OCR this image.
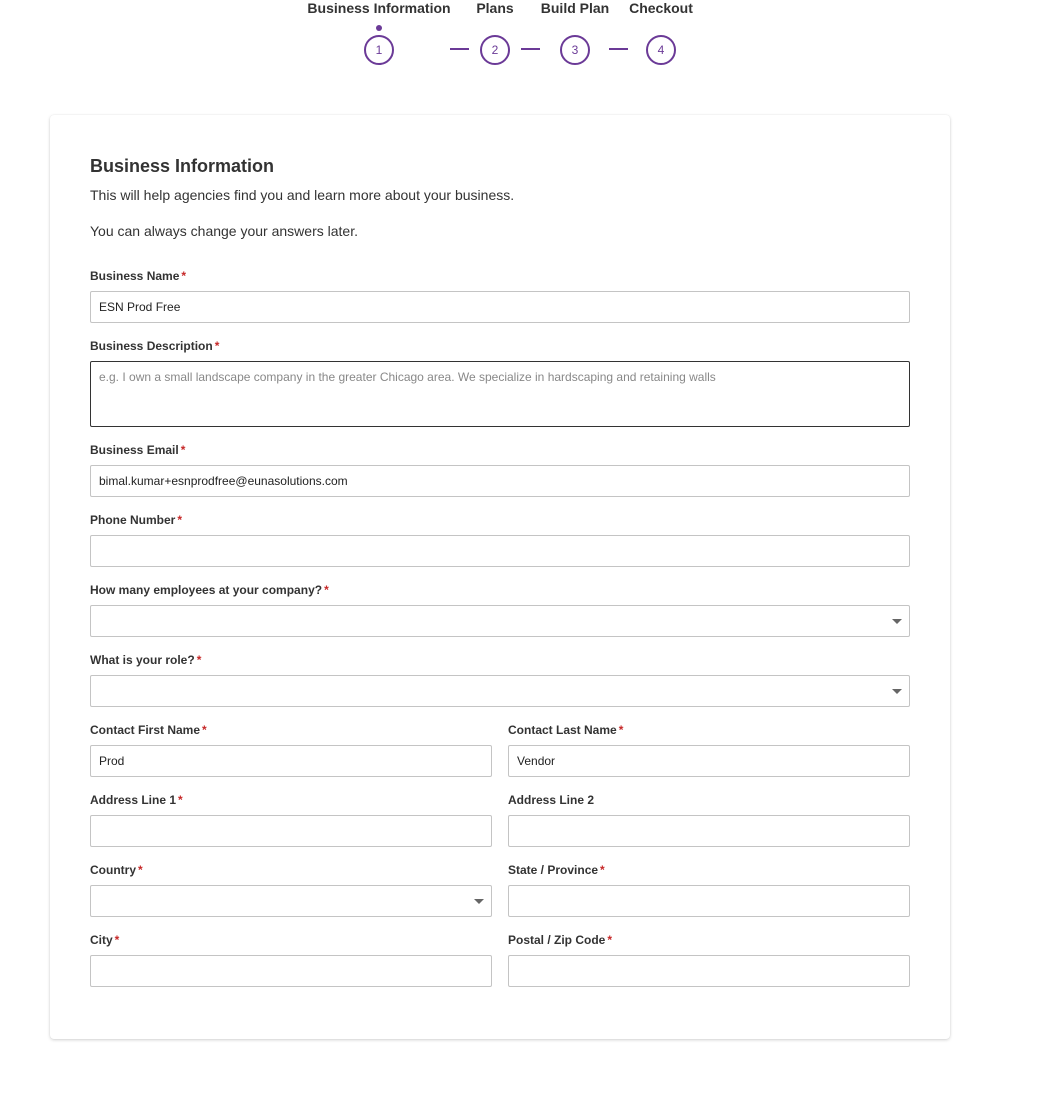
Business Information Plans Build Plan Checkout
1	2	3	4
Business Information
This will help agencies find you and learn more about your business.
You can always change your answers later.
Business Name *
ESN Prod Free
Business Description *
e.g. I own a small landscape company in the greater Chicago area. We specialize in hardscaping and retaining walls
Business Email *
bimal.kumar+esnprodfree@eunasolutions.com
Phone Number *
How many employees at your company? *
What is your role? *
Contact First Name *
Prod
Contact Last Name *
Vendor
Address Line 1 *	Address Line 2
Country *	State / Province *
City *	Postal / Zip Code *
